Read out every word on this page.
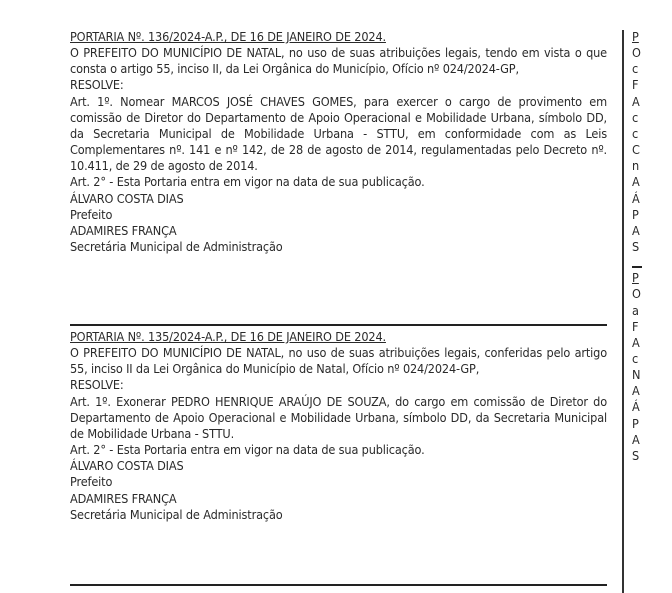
PORTARIA Nº. 136/2024-A.P., DE 16 DE JANEIRO DE 2024.

O PREFEITO DO MUNICÍPIO DE NATAL, no uso de suas atribuições legais, tendo em vista o que consta o artigo 55, inciso II, da Lei Orgânica do Município, Ofício nº 024/2024-GP,

RESOLVE:

Art. 1º. Nomear MARCOS JOSÉ CHAVES GOMES, para exercer o cargo de provimento em comissão de Diretor do Departamento de Apoio Operacional e Mobilidade Urbana, símbolo DD, da Secretaria Municipal de Mobilidade Urbana - STTU, em conformidade com as Leis Complementares nº. 141 e nº 142, de 28 de agosto de 2014, regulamentadas pelo Decreto nº. 10.411, de 29 de agosto de 2014.

Art. 2° - Esta Portaria entra em vigor na data de sua publicação.

ÁLVARO COSTA DIAS

Prefeito

ADAMIRES FRANÇA

Secretária Municipal de Administração

PORTARIA Nº. 135/2024-A.P., DE 16 DE JANEIRO DE 2024.

O PREFEITO DO MUNICÍPIO DE NATAL, no uso de suas atribuições legais, conferidas pelo artigo 55, inciso II da Lei Orgânica do Município de Natal, Ofício nº 024/2024-GP,

RESOLVE:

Art. 1º. Exonerar PEDRO HENRIQUE ARAÚJO DE SOUZA, do cargo em comissão de Diretor do Departamento de Apoio Operacional e Mobilidade Urbana, símbolo DD, da Secretaria Municipal de Mobilidade Urbana - STTU.

Art. 2° - Esta Portaria entra em vigor na data de sua publicação.

ÁLVARO COSTA DIAS

Prefeito

ADAMIRES FRANÇA

Secretária Municipal de Administração

P

O

c

F

A

c

c

C

n

A

Á

P

A

S

P

O

a

F

A

c

N

A

Á

P

A

S
